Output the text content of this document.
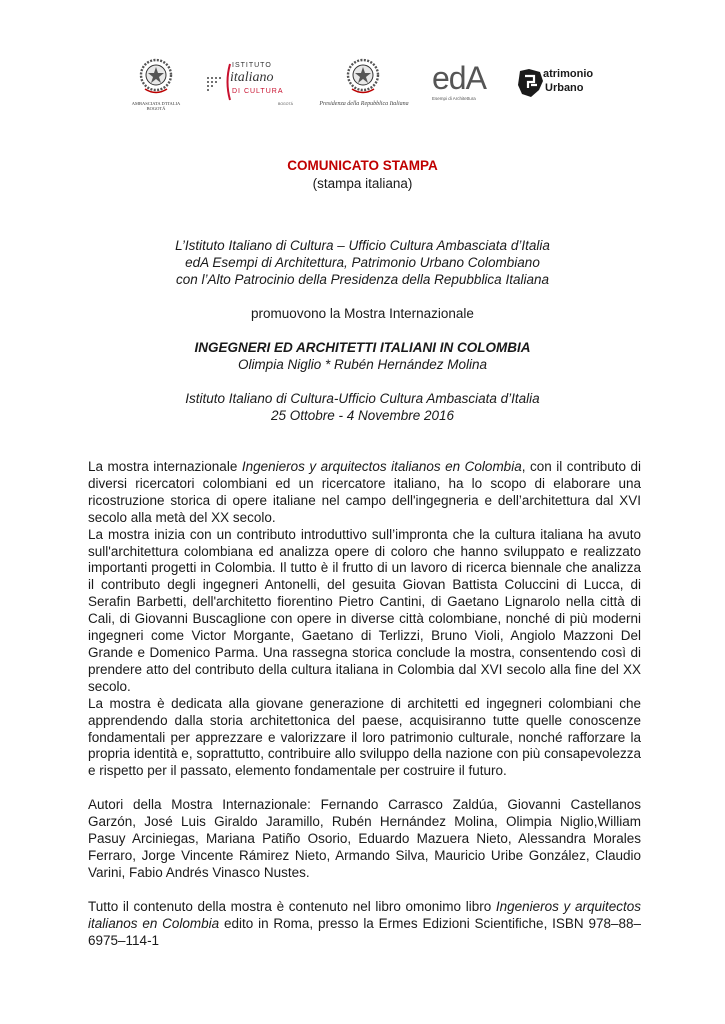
AMBASCIATA D'ITALIA
BOGOTÁ
ISTITUTO
italiano
DI CULTURA
BOGOTÁ	Presidenza della Repubblica Italiana
edA
Esempi di Architettura
atrimonio
Urbano
COMUNICATO STAMPA
(stampa italiana)
L’Istituto Italiano di Cultura – Ufficio Cultura Ambasciata d’Italia
edA Esempi di Architettura, Patrimonio Urbano Colombiano
con l’Alto Patrocinio della Presidenza della Repubblica Italiana
promuovono la Mostra Internazionale
INGEGNERI ED ARCHITETTI ITALIANI IN COLOMBIA
Olimpia Niglio * Rubén Hernández Molina
Istituto Italiano di Cultura-Ufficio Cultura Ambasciata d’Italia
25 Ottobre - 4 Novembre 2016

La mostra internazionale Ingenieros y arquitectos italianos en Colombia, con il contributo di diversi ricercatori colombiani ed un ricercatore italiano, ha lo scopo di elaborare una ricostruzione storica di opere italiane nel campo dell'ingegneria e dell’architettura dal XVI secolo alla metà del XX secolo.

La mostra inizia con un contributo introduttivo sull’impronta che la cultura italiana ha avuto sull'architettura colombiana ed analizza opere di coloro che hanno sviluppato e realizzato importanti progetti in Colombia. Il tutto è il frutto di un lavoro di ricerca biennale che analizza il contributo degli ingegneri Antonelli, del gesuita Giovan Battista Coluccini di Lucca, di Serafin Barbetti, dell'architetto fiorentino Pietro Cantini, di Gaetano Lignarolo nella città di Cali, di Giovanni Buscaglione con opere in diverse città colombiane, nonché di più moderni ingegneri come Victor Morgante, Gaetano di Terlizzi, Bruno Violi, Angiolo Mazzoni Del Grande e Domenico Parma. Una rassegna storica conclude la mostra, consentendo così di prendere atto del contributo della cultura italiana in Colombia dal XVI secolo alla fine del XX secolo.

La mostra è dedicata alla giovane generazione di architetti ed ingegneri colombiani che apprendendo dalla storia architettonica del paese, acquisiranno tutte quelle conoscenze fondamentali per apprezzare e valorizzare il loro patrimonio culturale, nonché rafforzare la propria identità e, soprattutto, contribuire allo sviluppo della nazione con più consapevolezza e rispetto per il passato, elemento fondamentale per costruire il futuro.

Autori della Mostra Internazionale: Fernando Carrasco Zaldúa, Giovanni Castellanos Garzón, José Luis Giraldo Jaramillo, Rubén Hernández Molina, Olimpia Niglio,William Pasuy Arciniegas, Mariana Patiño Osorio, Eduardo Mazuera Nieto, Alessandra Morales Ferraro, Jorge Vincente Rámirez Nieto, Armando Silva, Mauricio Uribe González, Claudio Varini, Fabio Andrés Vinasco Nustes.

Tutto il contenuto della mostra è contenuto nel libro omonimo libro Ingenieros y arquitectos italianos en Colombia edito in Roma, presso la Ermes Edizioni Scientifiche, ISBN 978–88–6975–114-1
